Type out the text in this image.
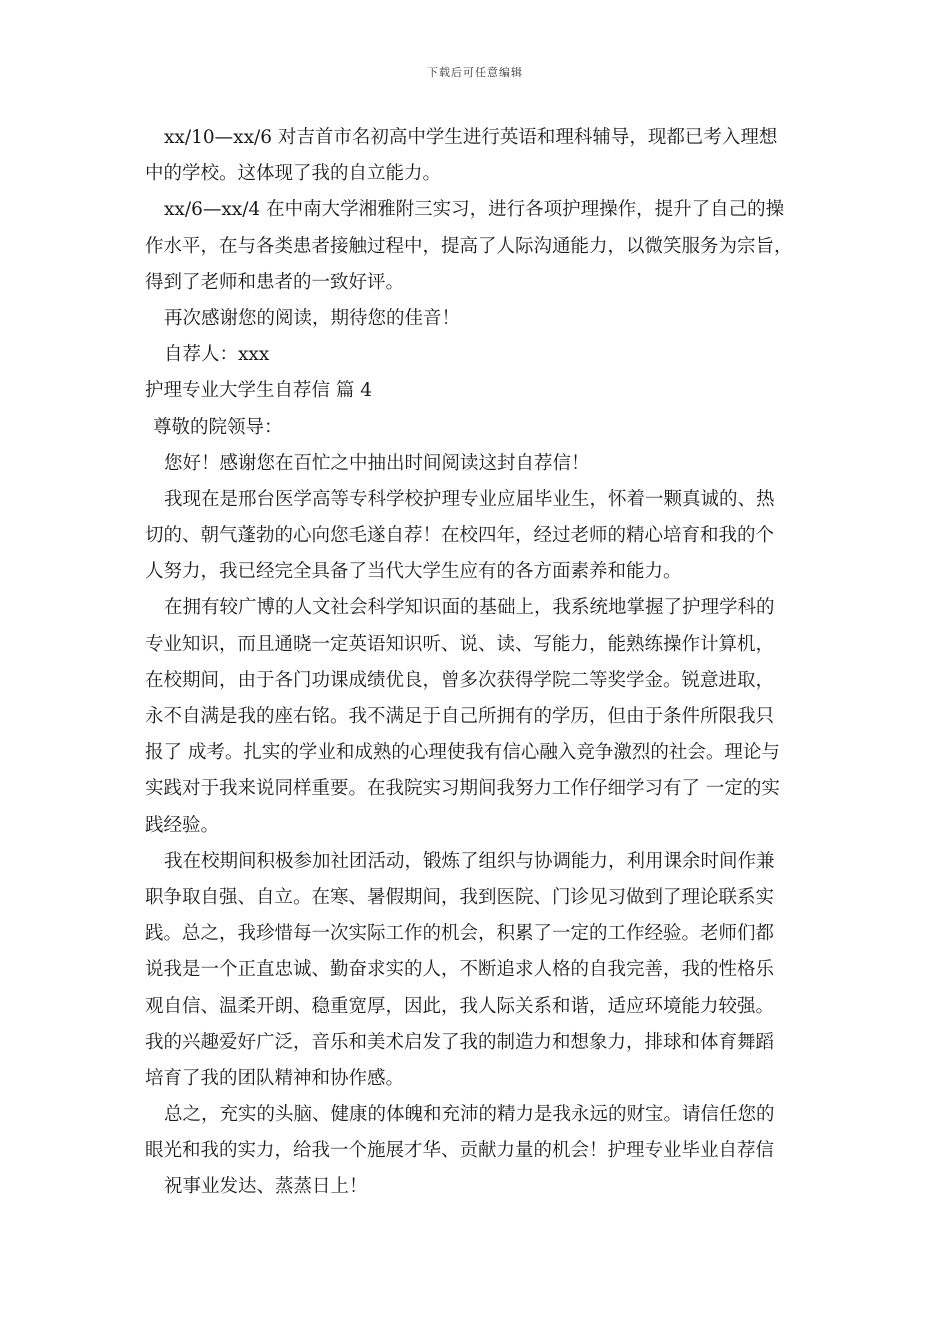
下载后可任意编辑
xx/10—xx/6 对吉首市名初高中学生进行英语和理科辅导，现都已考入理想
中的学校。这体现了我的自立能力。
xx/6—xx/4 在中南大学湘雅附三实习，进行各项护理操作，提升了自己的操
作水平，在与各类患者接触过程中，提高了人际沟通能力，以微笑服务为宗旨，
得到了老师和患者的一致好评。
再次感谢您的阅读，期待您的佳音！
自荐人：xxx
护理专业大学生自荐信 篇 4
尊敬的院领导：
您好！感谢您在百忙之中抽出时间阅读这封自荐信！
我现在是邢台医学高等专科学校护理专业应届毕业生，怀着一颗真诚的、热
切的、朝气蓬勃的心向您毛遂自荐！在校四年，经过老师的精心培育和我的个
人努力，我已经完全具备了当代大学生应有的各方面素养和能力。
在拥有较广博的人文社会科学知识面的基础上，我系统地掌握了护理学科的
专业知识，而且通晓一定英语知识听、说、读、写能力，能熟练操作计算机，
在校期间，由于各门功课成绩优良，曾多次获得学院二等奖学金。锐意进取，
永不自满是我的座右铭。我不满足于自己所拥有的学历，但由于条件所限我只
报了 成考。扎实的学业和成熟的心理使我有信心融入竞争激烈的社会。理论与
实践对于我来说同样重要。在我院实习期间我努力工作仔细学习有了 一定的实
践经验。
我在校期间积极参加社团活动，锻炼了组织与协调能力，利用课余时间作兼
职争取自强、自立。在寒、暑假期间，我到医院、门诊见习做到了理论联系实
践。总之，我珍惜每一次实际工作的机会，积累了一定的工作经验。老师们都
说我是一个正直忠诚、勤奋求实的人，不断追求人格的自我完善，我的性格乐
观自信、温柔开朗、稳重宽厚，因此，我人际关系和谐，适应环境能力较强。
我的兴趣爱好广泛，音乐和美术启发了我的制造力和想象力，排球和体育舞蹈
培育了我的团队精神和协作感。
总之，充实的头脑、健康的体魄和充沛的精力是我永远的财宝。请信任您的
眼光和我的实力，给我一个施展才华、贡献力量的机会！护理专业毕业自荐信
祝事业发达、蒸蒸日上！
